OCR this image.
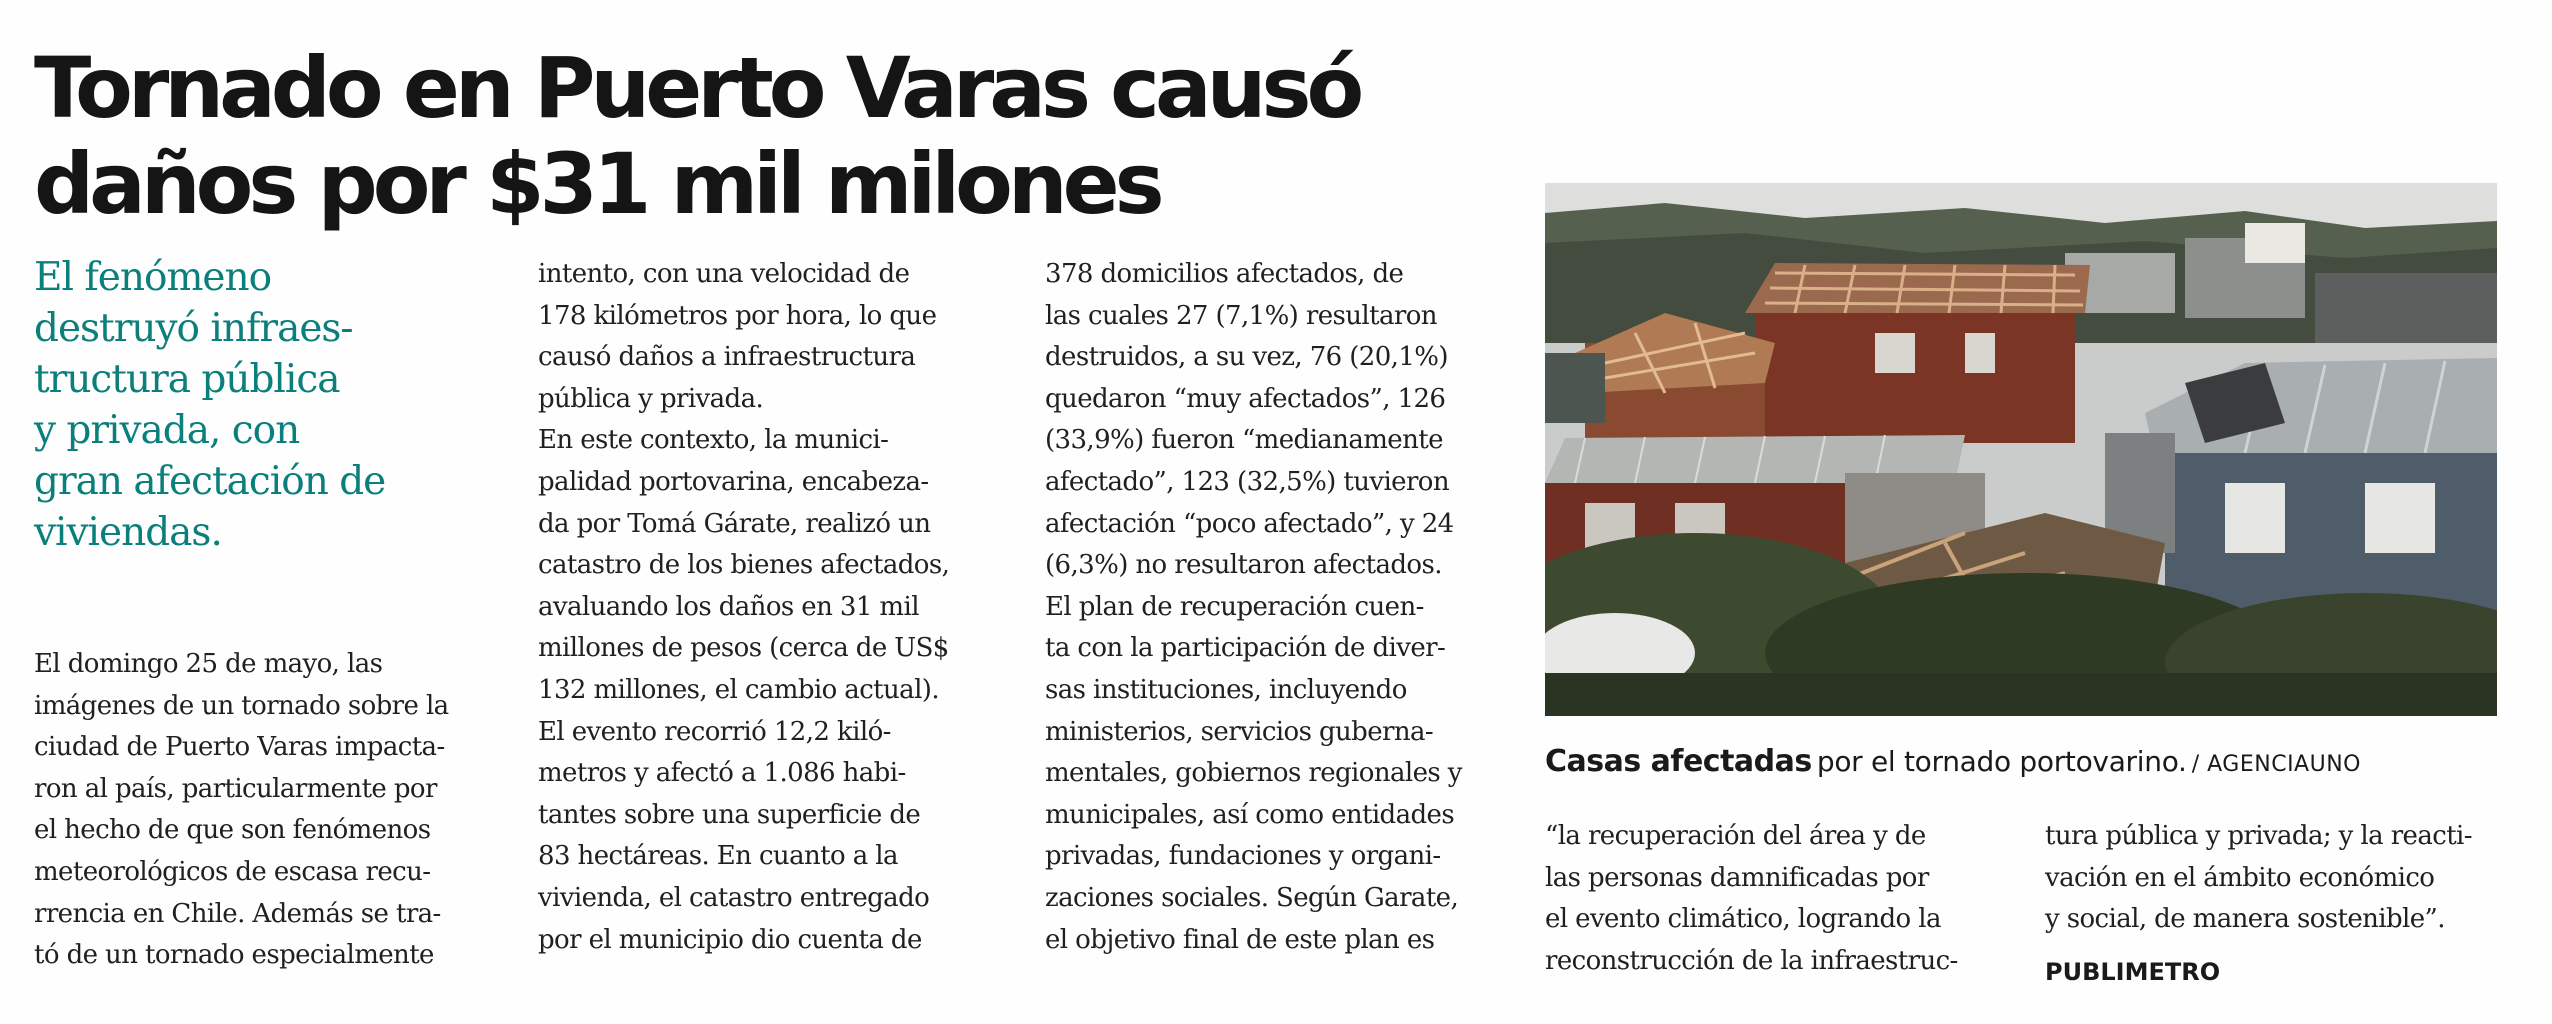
Tornado en Puerto Varas causó
daños por $31 mil milones
El fenómeno
destruyó infraes-
tructura pública
y privada, con
gran afectación de
viviendas.
El domingo 25 de mayo, las
imágenes de un tornado sobre la
ciudad de Puerto Varas impacta-
ron al país, particularmente por
el hecho de que son fenómenos
meteorológicos de escasa recu-
rrencia en Chile. Además se tra-
tó de un tornado especialmente
intento, con una velocidad de
178 kilómetros por hora, lo que
causó daños a infraestructura
pública y privada.
En este contexto, la munici-
palidad portovarina, encabeza-
da por Tomá Gárate, realizó un
catastro de los bienes afectados,
avaluando los daños en 31 mil
millones de pesos (cerca de US$
132 millones, el cambio actual).
El evento recorrió 12,2 kiló-
metros y afectó a 1.086 habi-
tantes sobre una superficie de
83 hectáreas. En cuanto a la
vivienda, el catastro entregado
por el municipio dio cuenta de
378 domicilios afectados, de
las cuales 27 (7,1%) resultaron
destruidos, a su vez, 76 (20,1%)
quedaron “muy afectados”, 126
(33,9%) fueron “medianamente
afectado”, 123 (32,5%) tuvieron
afectación “poco afectado”, y 24
(6,3%) no resultaron afectados.
El plan de recuperación cuen-
ta con la participación de diver-
sas instituciones, incluyendo
ministerios, servicios guberna-
mentales, gobiernos regionales y
municipales, así como entidades
privadas, fundaciones y organi-
zaciones sociales. Según Garate,
el objetivo final de este plan es
Casas afectadas por el tornado portovarino. / AGENCIAUNO
“la recuperación del área y de
las personas damnificadas por
el evento climático, logrando la
reconstrucción de la infraestruc-
tura pública y privada; y la reacti-
vación en el ámbito económico
y social, de manera sostenible”.
PUBLIMETRO
